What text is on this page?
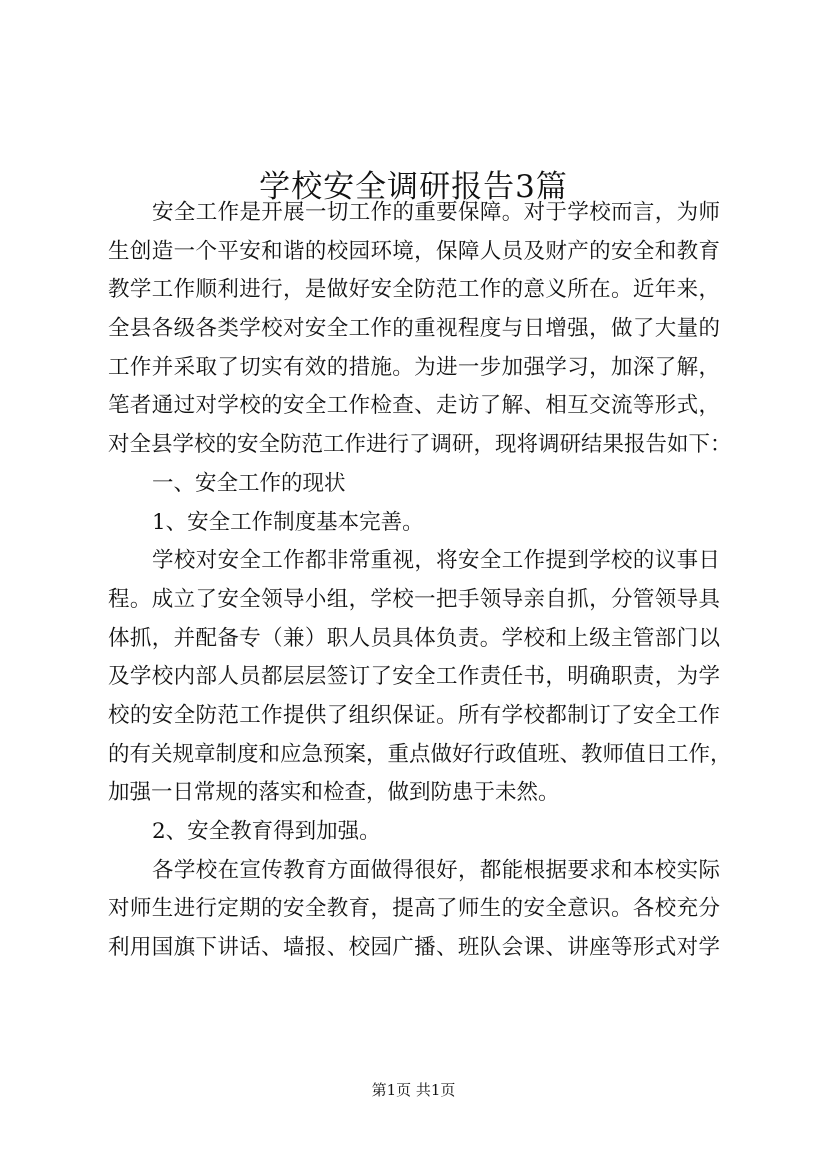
学校安全调研报告3篇
安全工作是开展一切工作的重要保障。对于学校而言，为师
生创造一个平安和谐的校园环境，保障人员及财产的安全和教育
教学工作顺利进行，是做好安全防范工作的意义所在。近年来，
全县各级各类学校对安全工作的重视程度与日增强，做了大量的
工作并采取了切实有效的措施。为进一步加强学习，加深了解，
笔者通过对学校的安全工作检查、走访了解、相互交流等形式，
对全县学校的安全防范工作进行了调研，现将调研结果报告如下：
一、安全工作的现状
1、安全工作制度基本完善。
学校对安全工作都非常重视，将安全工作提到学校的议事日
程。成立了安全领导小组，学校一把手领导亲自抓，分管领导具
体抓，并配备专（兼）职人员具体负责。学校和上级主管部门以
及学校内部人员都层层签订了安全工作责任书，明确职责，为学
校的安全防范工作提供了组织保证。所有学校都制订了安全工作
的有关规章制度和应急预案，重点做好行政值班、教师值日工作，
加强一日常规的落实和检查，做到防患于未然。
2、安全教育得到加强。
各学校在宣传教育方面做得很好，都能根据要求和本校实际
对师生进行定期的安全教育，提高了师生的安全意识。各校充分
利用国旗下讲话、墙报、校园广播、班队会课、讲座等形式对学
第1页 共1页
